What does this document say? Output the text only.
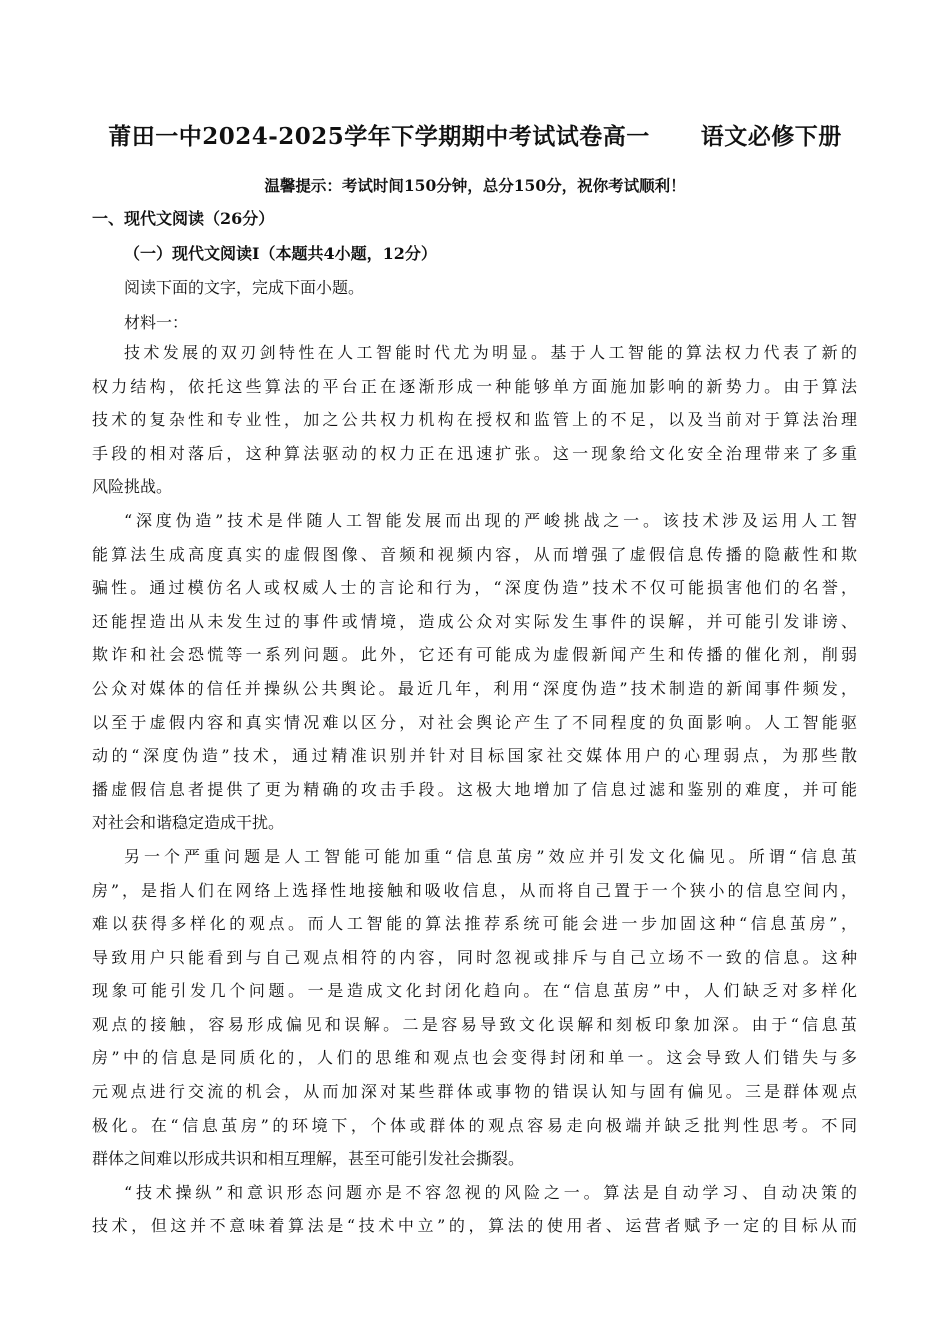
莆田一中2024-2025学年下学期期中考试试卷高一      语文必修下册
温馨提示：考试时间150分钟，总分150分，祝你考试顺利！
一、现代文阅读（26分）
（一）现代文阅读Ⅰ（本题共4小题，12分）
阅读下面的文字，完成下面小题。
材料一：
技术发展的双刃剑特性在人工智能时代尤为明显。基于人工智能的算法权力代表了新的
权力结构，依托这些算法的平台正在逐渐形成一种能够单方面施加影响的新势力。由于算法
技术的复杂性和专业性，加之公共权力机构在授权和监管上的不足，以及当前对于算法治理
手段的相对落后，这种算法驱动的权力正在迅速扩张。这一现象给文化安全治理带来了多重
风险挑战。
“深度伪造”技术是伴随人工智能发展而出现的严峻挑战之一。该技术涉及运用人工智
能算法生成高度真实的虚假图像、音频和视频内容，从而增强了虚假信息传播的隐蔽性和欺
骗性。通过模仿名人或权威人士的言论和行为，“深度伪造”技术不仅可能损害他们的名誉，
还能捏造出从未发生过的事件或情境，造成公众对实际发生事件的误解，并可能引发诽谤、
欺诈和社会恐慌等一系列问题。此外，它还有可能成为虚假新闻产生和传播的催化剂，削弱
公众对媒体的信任并操纵公共舆论。最近几年，利用“深度伪造”技术制造的新闻事件频发，
以至于虚假内容和真实情况难以区分，对社会舆论产生了不同程度的负面影响。人工智能驱
动的“深度伪造”技术，通过精准识别并针对目标国家社交媒体用户的心理弱点，为那些散
播虚假信息者提供了更为精确的攻击手段。这极大地增加了信息过滤和鉴别的难度，并可能
对社会和谐稳定造成干扰。
另一个严重问题是人工智能可能加重“信息茧房”效应并引发文化偏见。所谓“信息茧
房”，是指人们在网络上选择性地接触和吸收信息，从而将自己置于一个狭小的信息空间内，
难以获得多样化的观点。而人工智能的算法推荐系统可能会进一步加固这种“信息茧房”，
导致用户只能看到与自己观点相符的内容，同时忽视或排斥与自己立场不一致的信息。这种
现象可能引发几个问题。一是造成文化封闭化趋向。在“信息茧房”中，人们缺乏对多样化
观点的接触，容易形成偏见和误解。二是容易导致文化误解和刻板印象加深。由于“信息茧
房”中的信息是同质化的，人们的思维和观点也会变得封闭和单一。这会导致人们错失与多
元观点进行交流的机会，从而加深对某些群体或事物的错误认知与固有偏见。三是群体观点
极化。在“信息茧房”的环境下，个体或群体的观点容易走向极端并缺乏批判性思考。不同
群体之间难以形成共识和相互理解，甚至可能引发社会撕裂。
“技术操纵”和意识形态问题亦是不容忽视的风险之一。算法是自动学习、自动决策的
技术，但这并不意味着算法是“技术中立”的，算法的使用者、运营者赋予一定的目标从而
